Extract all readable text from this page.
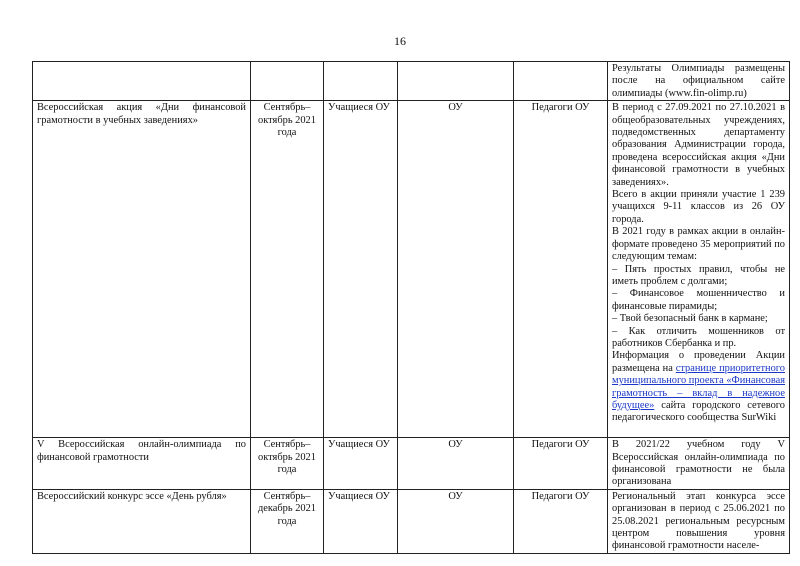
16

					Результаты Олимпиады размещены после на официальном сайте олимпиады (www.fin-olimp.ru)

Всероссийская акция «Дни финансовой грамотности в учебных заведениях»	Сентябрь–октябрь 2021 года	Учащиеся ОУ	ОУ	Педагоги ОУ	В период с 27.09.2021 по 27.10.2021 в общеобразовательных учреждениях, подведомственных департаменту образования Администрации города, проведена всероссийская акция «Дни финансовой грамотности в учебных заведениях».
Всего в акции приняли участие 1 239 учащихся 9-11 классов из 26 ОУ города.
В 2021 году в рамках акции в онлайн-формате проведено 35 мероприятий по следующим темам:
– Пять простых правил, чтобы не иметь проблем с долгами;
– Финансовое мошенничество и финансовые пирамиды;
– Твой безопасный банк в кармане;
– Как отличить мошенников от работников Сбербанка и пр.
Информация о проведении Акции размещена на странице приоритетного муниципального проекта «Финансовая грамотность – вклад в надежное будущее» сайта городского сетевого педагогического сообщества SurWiki

V Всероссийская онлайн-олимпиада по финансовой грамотности	Сентябрь–октябрь 2021 года	Учащиеся ОУ	ОУ	Педагоги ОУ	В 2021/22 учебном году V Всероссийская онлайн-олимпиада по финансовой грамотности не была организована

Всероссийский конкурс эссе «День рубля»	Сентябрь–декабрь 2021 года	Учащиеся ОУ	ОУ	Педагоги ОУ	Региональный этап конкурса эссе организован в период с 25.06.2021 по 25.08.2021 региональным ресурсным центром повышения уровня финансовой грамотности населе-
